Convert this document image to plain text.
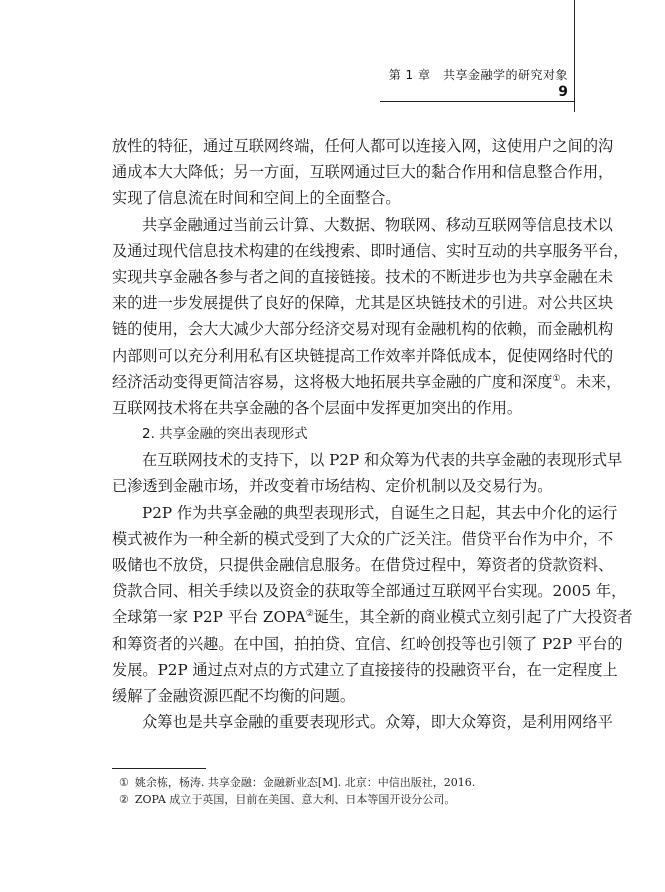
第 1 章　共享金融学的研究对象
9
放性的特征，通过互联网终端，任何人都可以连接入网，这使用户之间的沟
通成本大大降低；另一方面，互联网通过巨大的黏合作用和信息整合作用，
实现了信息流在时间和空间上的全面整合。
共享金融通过当前云计算、大数据、物联网、移动互联网等信息技术以
及通过现代信息技术构建的在线搜索、即时通信、实时互动的共享服务平台，
实现共享金融各参与者之间的直接链接。技术的不断进步也为共享金融在未
来的进一步发展提供了良好的保障，尤其是区块链技术的引进。对公共区块
链的使用，会大大减少大部分经济交易对现有金融机构的依赖，而金融机构
内部则可以充分利用私有区块链提高工作效率并降低成本，促使网络时代的
经济活动变得更简洁容易，这将极大地拓展共享金融的广度和深度①。未来，
互联网技术将在共享金融的各个层面中发挥更加突出的作用。
2. 共享金融的突出表现形式
在互联网技术的支持下，以 P2P 和众筹为代表的共享金融的表现形式早
已渗透到金融市场，并改变着市场结构、定价机制以及交易行为。
P2P 作为共享金融的典型表现形式，自诞生之日起，其去中介化的运行
模式被作为一种全新的模式受到了大众的广泛关注。借贷平台作为中介，不
吸储也不放贷，只提供金融信息服务。在借贷过程中，筹资者的贷款资料、
贷款合同、相关手续以及资金的获取等全部通过互联网平台实现。2005 年，
全球第一家 P2P 平台 ZOPA②诞生，其全新的商业模式立刻引起了广大投资者
和筹资者的兴趣。在中国，拍拍贷、宜信、红岭创投等也引领了 P2P 平台的
发展。P2P 通过点对点的方式建立了直接接待的投融资平台，在一定程度上
缓解了金融资源匹配不均衡的问题。
众筹也是共享金融的重要表现形式。众筹，即大众筹资，是利用网络平
① 姚余栋，杨涛. 共享金融：金融新业态[M]. 北京：中信出版社，2016.
② ZOPA 成立于英国，目前在美国、意大利、日本等国开设分公司。
